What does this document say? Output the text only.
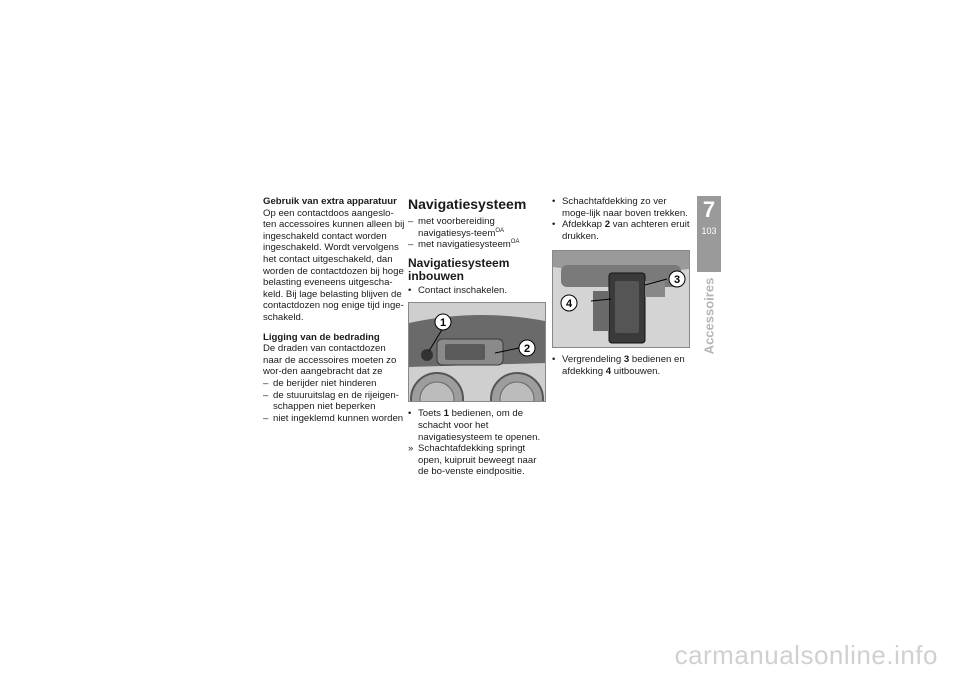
Gebruik van extra apparatuur
Op een contactdoos aangeslo-ten accessoires kunnen alleen bij ingeschakeld contact worden ingeschakeld. Wordt vervolgens het contact uitgeschakeld, dan worden de contactdozen bij hoge belasting eveneens uitgescha-keld. Bij lage belasting blijven de contactdozen nog enige tijd inge-schakeld.
Ligging van de bedrading
De draden van contactdozen naar de accessoires moeten zo wor-den aangebracht dat ze
– de berijder niet hinderen
– de stuuruitslag en de rijeigen-schappen niet beperken
– niet ingeklemd kunnen worden
Navigatiesysteem
– met voorbereiding navigatiesys-teem$^{OA}$
– met navigatiesysteem$^{OA}$
Navigatiesysteem inbouwen
• Contact inschakelen.
1
2
• Toets 1 bedienen, om de schacht voor het navigatiesysteem te openen.
» Schachtafdekking springt open, kuipruit beweegt naar de bo-venste eindpositie.
• Schachtafdekking zo ver moge-lijk naar boven trekken.
• Afdekkap 2 van achteren eruit drukken.
4
3
• Vergrendeling 3 bedienen en afdekking 4 uitbouwen.
7
103
Accessoires
carmanualsonline.info
